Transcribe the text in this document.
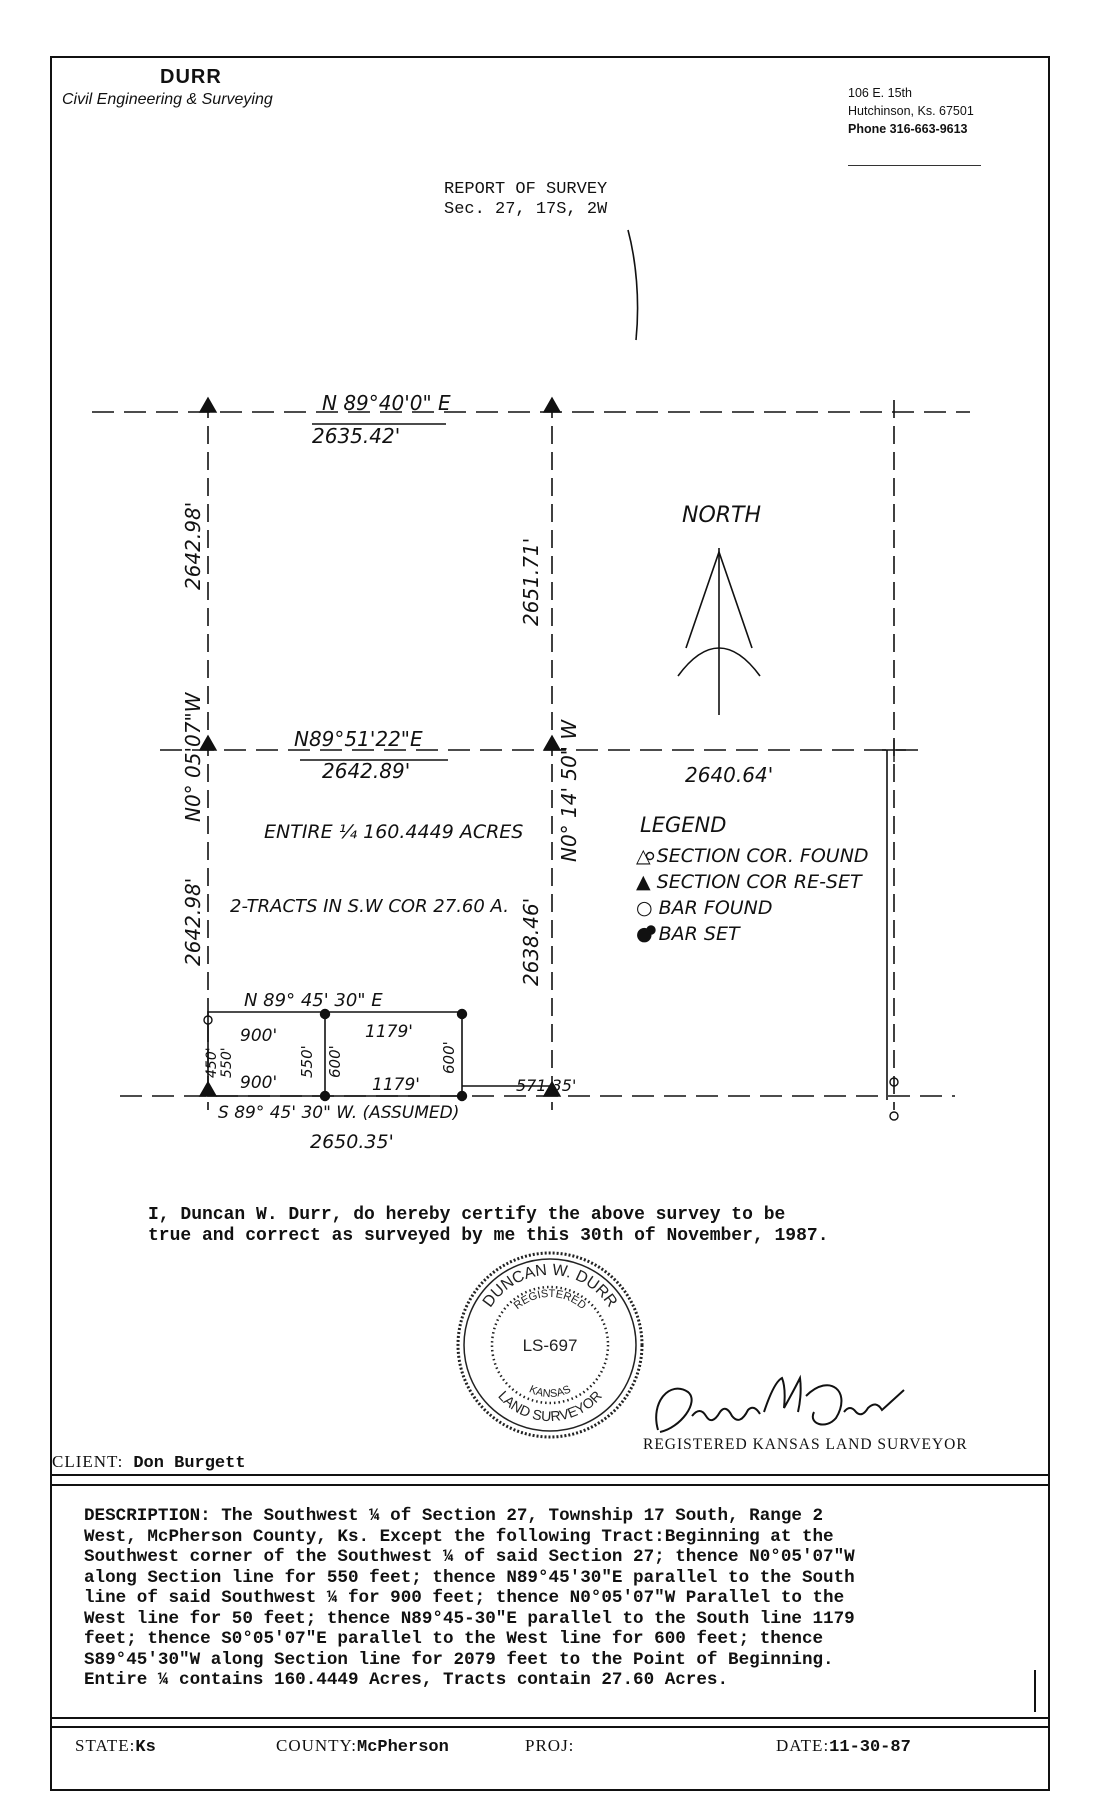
DURR
Civil Engineering & Surveying	106 E. 15th
Hutchinson, Ks. 67501
Phone 316-663-9613
REPORT OF SURVEY
Sec. 27, 17S, 2W
N 89°40'0" E
2635.42'
N89°51'22"E
2642.89'	2640.64'
NORTH
ENTIRE ¼ 160.4449 ACRES
2-TRACTS IN S.W COR 27.60 A.
N 89° 45' 30" E
900'
900'
1179'
1179'	571.35'
S 89° 45' 30" W. (ASSUMED)
2650.35'
2642.98'
2642.98'
N0° 05'07"W
2651.71'
2638.46'
N0° 14' 50" W
550'
450'	550' 600'	600'
LEGEND
△ SECTION COR. FOUND
▲ SECTION COR RE-SET
○ BAR FOUND
● BAR SET
I, Duncan W. Durr, do hereby certify the above survey to be
true and correct as surveyed by me this 30th of November, 1987.
DUNCAN W. DURR
LAND SURVEYOR
REGISTERED
KANSAS
LS-697
Duncan W Durr
REGISTERED KANSAS LAND SURVEYOR
CLIENT: Don Burgett
DESCRIPTION: The Southwest ¼ of Section 27, Township 17 South, Range 2
West, McPherson County, Ks. Except the following Tract:Beginning at the
Southwest corner of the Southwest ¼ of said Section 27; thence N0°05'07"W
along Section line for 550 feet; thence N89°45'30"E parallel to the South
line of said Southwest ¼ for 900 feet; thence N0°05'07"W Parallel to the
West line for 50 feet; thence N89°45-30"E parallel to the South line 1179
feet; thence S0°05'07"E parallel to the West line for 600 feet; thence
S89°45'30"W along Section line for 2079 feet to the Point of Beginning.
Entire ¼ contains 160.4449 Acres, Tracts contain 27.60 Acres.
STATE:Ks	COUNTY:McPherson	PROJ:	DATE:11-30-87
